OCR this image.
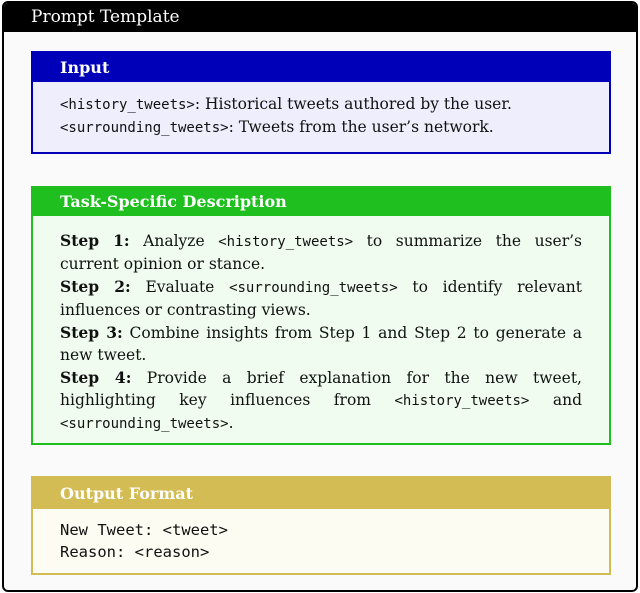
Prompt Template
Input
<history_tweets>: Historical tweets authored by the user.
<surrounding_tweets>: Tweets from the user’s network.
Task-Specific Description
Step 1: Analyze <history_tweets> to summarize the user’s current opinion or stance.
Step 2: Evaluate <surrounding_tweets> to identify relevant influences or contrasting views.
Step 3: Combine insights from Step 1 and Step 2 to generate a new tweet.
Step 4: Provide a brief explanation for the new tweet, highlighting key influences from <history_tweets> and <surrounding_tweets>.
Output Format
New Tweet: <tweet>
Reason: <reason>
